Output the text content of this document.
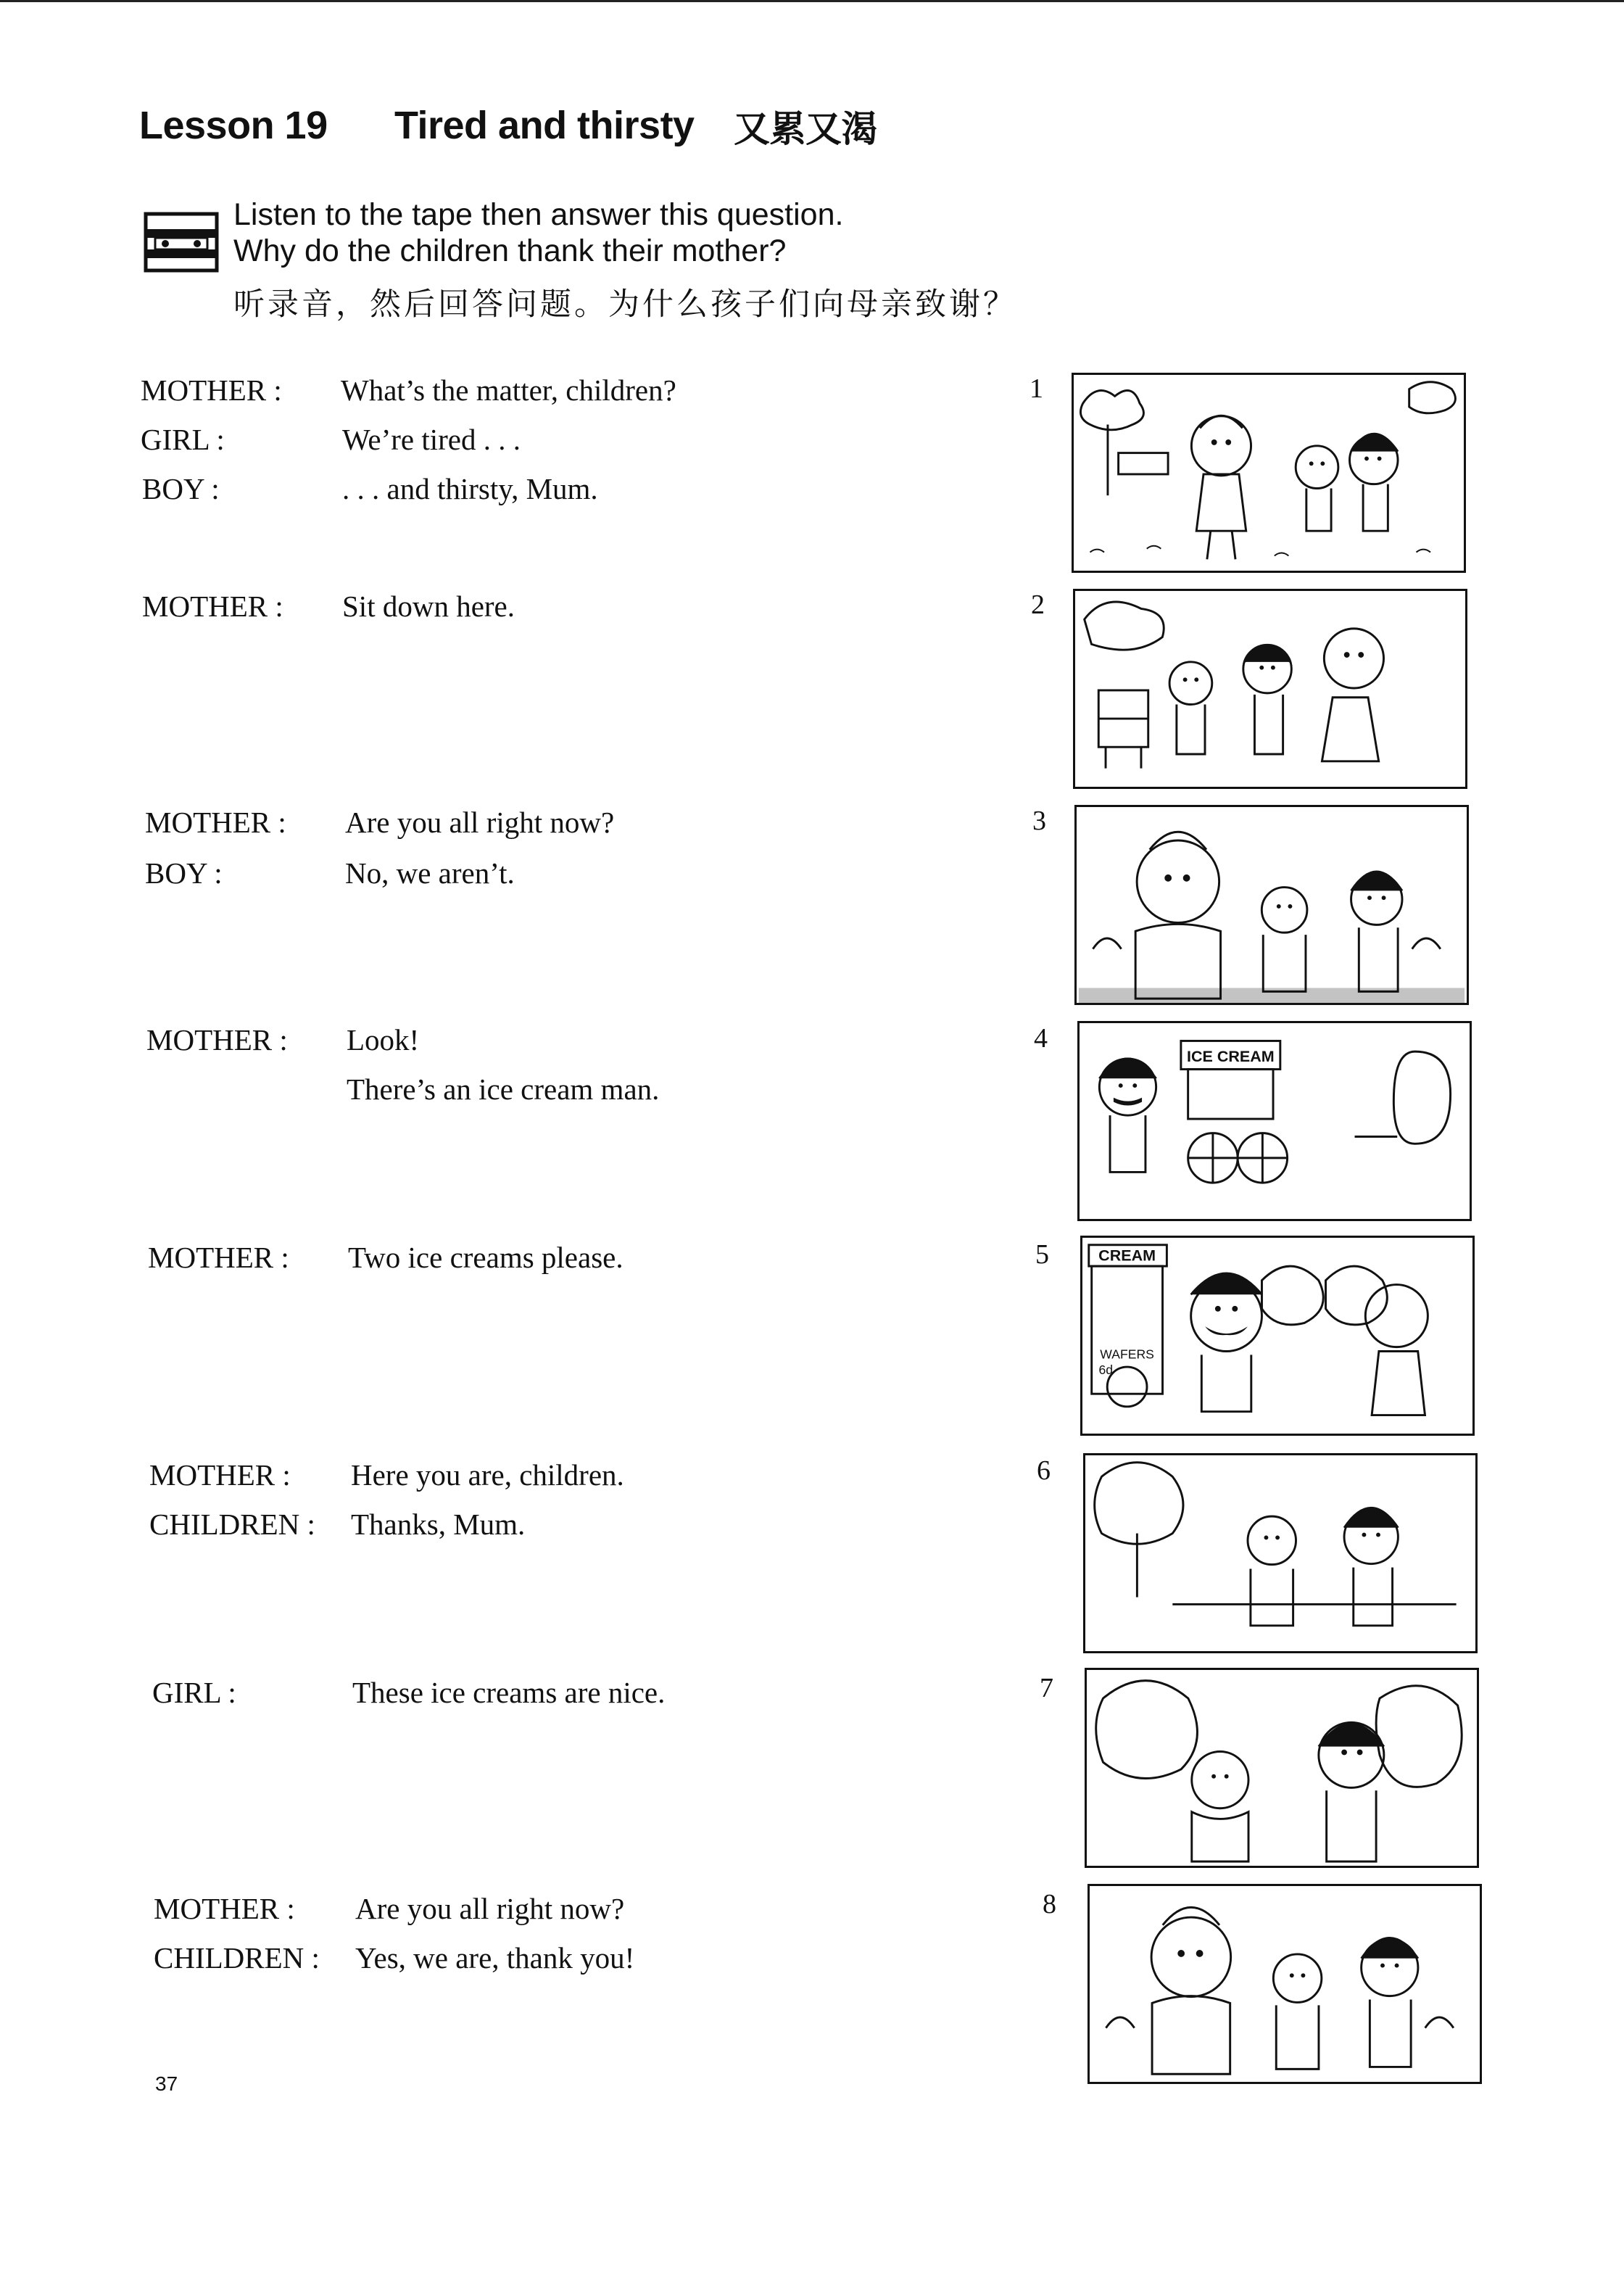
Lesson 19 Tired and thirsty 又累又渴
Listen to the tape then answer this question.
Why do the children thank their mother?
听录音，然后回答问题。为什么孩子们向母亲致谢？
MOTHER : What’s the matter, children?
GIRL :	We’re tired . . .
BOY :	. . . and thirsty, Mum.
MOTHER : Sit down here.
MOTHER : Are you all right now?
BOY :	No, we aren’t.
MOTHER : Look!
There’s an ice cream man.
MOTHER : Two ice creams please.
MOTHER : Here you are, children.
CHILDREN : Thanks, Mum.
GIRL :	These ice creams are nice.
MOTHER : Are you all right now?
CHILDREN : Yes, we are, thank you!
1
2
3
4
5
6
7
8
ICE CREAM
CREAM
WAFERS
6d
37
